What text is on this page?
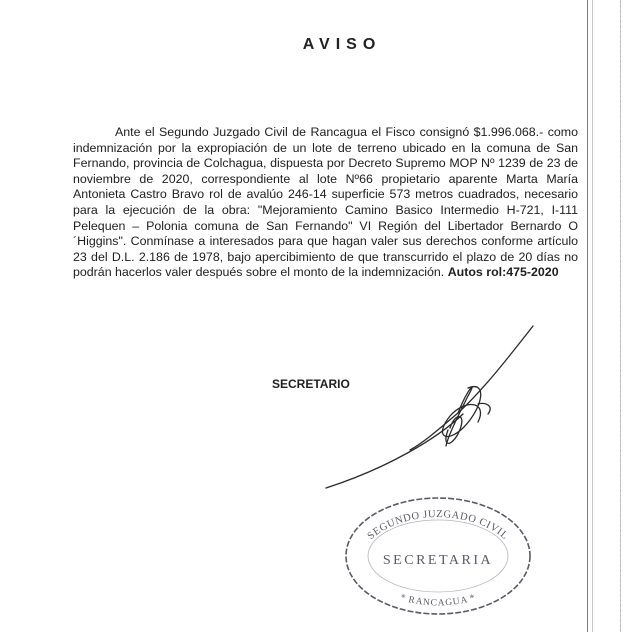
AVISO
Ante el Segundo Juzgado Civil de Rancagua el Fisco consignó $1.996.068.- como indemnización por la expropiación de un lote de terreno ubicado en la comuna de San Fernando, provincia de Colchagua, dispuesta por Decreto Supremo MOP Nº 1239 de 23 de noviembre de 2020, correspondiente al lote Nº66 propietario aparente Marta María Antonieta Castro Bravo rol de avalúo 246-14 superficie 573 metros cuadrados, necesario para la ejecución de la obra: "Mejoramiento Camino Basico Intermedio H-721, I-111 Pelequen – Polonia comuna de San Fernando" VI Región del Libertador Bernardo O´Higgins". Conmínase a interesados para que hagan valer sus derechos conforme artículo 23 del D.L. 2.186 de 1978, bajo apercibimiento de que transcurrido el plazo de 20 días no podrán hacerlos valer después sobre el monto de la indemnización. Autos rol:475-2020
SECRETARIO
SEGUNDO JUZGADO CIVIL
SECRETARIA
* RANCAGUA *
